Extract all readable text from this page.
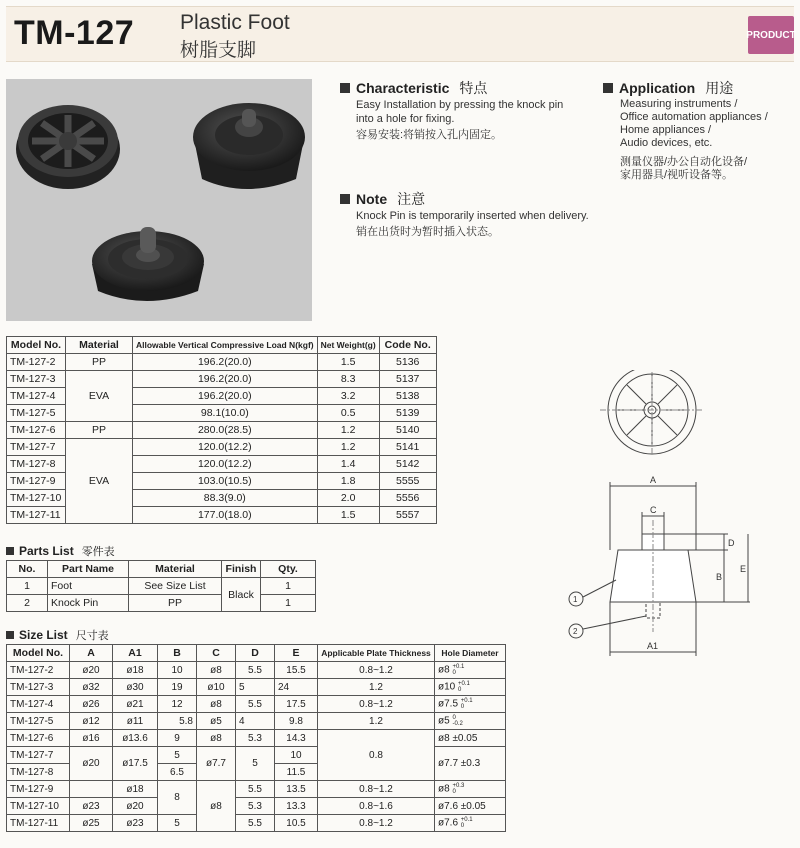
TM-127 Plastic Foot
树脂支脚
PRODUCT
Characteristic 特点
Easy Installation by pressing the knock pin
into a hole for fixing.
容易安装:将销按入孔内固定。
Note 注意
Knock Pin is temporarily inserted when delivery.
销在出货时为暂时插入状态。
Application 用途
Measuring instruments /
Office automation appliances /
Home appliances /
Audio devices, etc.
测量仪器/办公自动化设备/
家用器具/视听设备等。
Model No.	Material	Allowable Vertical Compressive Load N(kgf)	Net Weight(g)	Code No.
TM-127-2	PP	196.2(20.0)	1.5	5136
TM-127-3	EVA	196.2(20.0)	8.3	5137
TM-127-4		196.2(20.0)	3.2	5138
TM-127-5		98.1(10.0)	0.5	5139
TM-127-6	PP	280.0(28.5)	1.2	5140
TM-127-7	EVA	120.0(12.2)	1.2	5141
TM-127-8		120.0(12.2)	1.4	5142
TM-127-9		103.0(10.5)	1.8	5555
TM-127-10		88.3(9.0)	2.0	5556
TM-127-11		177.0(18.0)	1.5	5557
Parts List 零件表
No.	Part Name	Material	Finish	Qty.
1	Foot	See Size List	Black	1
2	Knock Pin	PP		1
Size List 尺寸表
Model No.	A	A1	B	C	D	E	Applicable Plate Thickness	Hole Diameter
TM-127-2	ø20	ø18	10	ø8	5.5	15.5	0.8~1.2	ø8 +0.1
0

TM-127-3	ø32	ø30	19	ø10	5	24	1.2	ø10 +0.1
0

TM-127-4	ø26	ø21	12	ø8	5.5	17.5	0.8~1.2	ø7.5 +0.1
0

TM-127-5	ø12	ø11	5.8	ø5	4	9.8	1.2	ø5 0
-0.2

TM-127-6	ø16	ø13.6	9	ø8	5.3	14.3	0.8	ø8 ±0.05
TM-127-7	ø20	ø17.5	5	ø7.7	5	10		ø7.7 ±0.3
TM-127-8			6.5			11.5		
TM-127-9		ø18	8	ø8	5.5	13.5	0.8~1.2	ø8 +0.3
0

TM-127-10	ø23	ø20			5.3	13.3	0.8~1.6	ø7.6 ±0.05
TM-127-11	ø25	ø23	5		5.5	10.5	0.8~1.2	ø7.6 +0.1
0
A
C
D
B
E
A1
1
2
